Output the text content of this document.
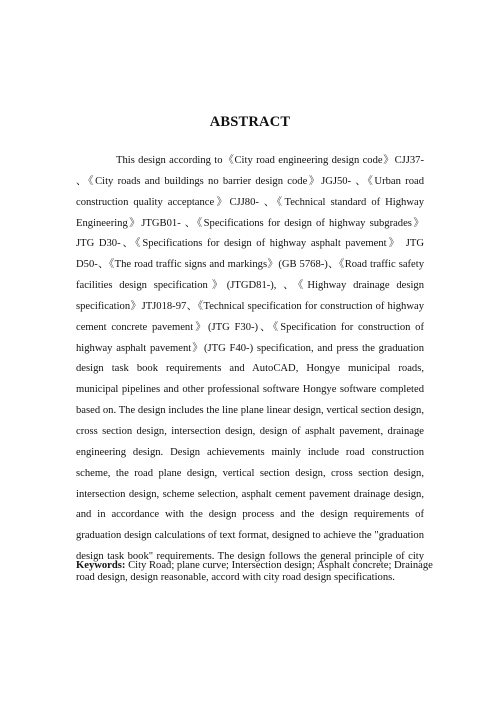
ABSTRACT

This design according to《City road engineering design code》CJJ37- 、《City roads and buildings no barrier design code》JGJ50- 、《Urban road construction quality acceptance》CJJ80- 、《Technical standard of Highway Engineering》JTGB01- 、《Specifications for design of highway subgrades》 JTG D30-、《Specifications for design of highway asphalt pavement》 JTG D50-、《The road traffic signs and markings》(GB 5768-)、《Road traffic safety facilities design specification》(JTGD81-), 、《Highway drainage design specification》JTJ018-97、《Technical specification for construction of highway cement concrete pavement》(JTG F30-)、《Specification for construction of highway asphalt pavement》(JTG F40-) specification, and press the graduation design task book requirements and AutoCAD, Hongye municipal roads, municipal pipelines and other professional software Hongye software completed based on. The design includes the line plane linear design, vertical section design, cross section design, intersection design, design of asphalt pavement, drainage engineering design. Design achievements mainly include road construction scheme, the road plane design, vertical section design, cross section design, intersection design, scheme selection, asphalt cement pavement drainage design, and in accordance with the design process and the design requirements of graduation design calculations of text format, designed to achieve the "graduation design task book" requirements. The design follows the general principle of city road design, design reasonable, accord with city road design specifications.

Keywords: City Road; plane curve; Intersection design; Asphalt concrete; Drainage
